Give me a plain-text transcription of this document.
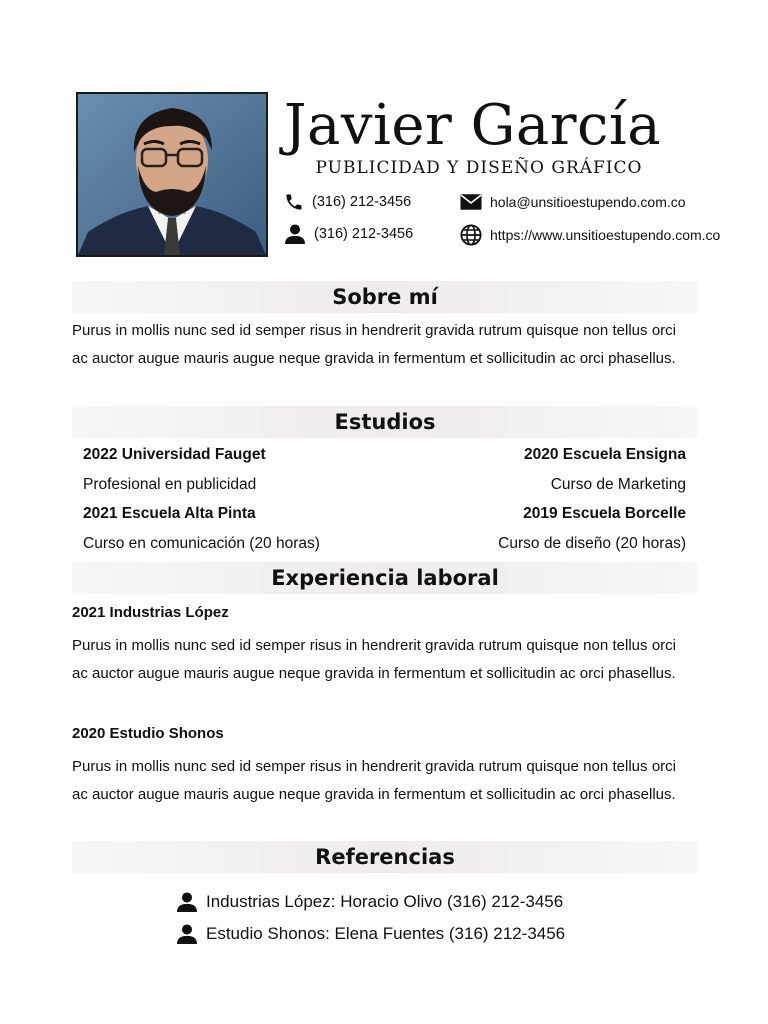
Javier García
PUBLICIDAD Y DISEÑO GRÁFICO
(316) 212-3456
(316) 212-3456
hola@unsitioestupendo.com.co
https://www.unsitioestupendo.com.co
Sobre mí
Purus in mollis nunc sed id semper risus in hendrerit gravida rutrum quisque non tellus orci ac auctor augue mauris augue neque gravida in fermentum et sollicitudin ac orci phasellus.
Estudios
2022 Universidad Fauget
Profesional en publicidad
2020 Escuela Ensigna
Curso de Marketing
2021 Escuela Alta Pinta
Curso en comunicación (20 horas)
2019 Escuela Borcelle
Curso de diseño (20 horas)
Experiencia laboral
2021 Industrias López
Purus in mollis nunc sed id semper risus in hendrerit gravida rutrum quisque non tellus orci ac auctor augue mauris augue neque gravida in fermentum et sollicitudin ac orci phasellus.
2020 Estudio Shonos
Purus in mollis nunc sed id semper risus in hendrerit gravida rutrum quisque non tellus orci ac auctor augue mauris augue neque gravida in fermentum et sollicitudin ac orci phasellus.
Referencias
Industrias López: Horacio Olivo (316) 212-3456
Estudio Shonos: Elena Fuentes (316) 212-3456
